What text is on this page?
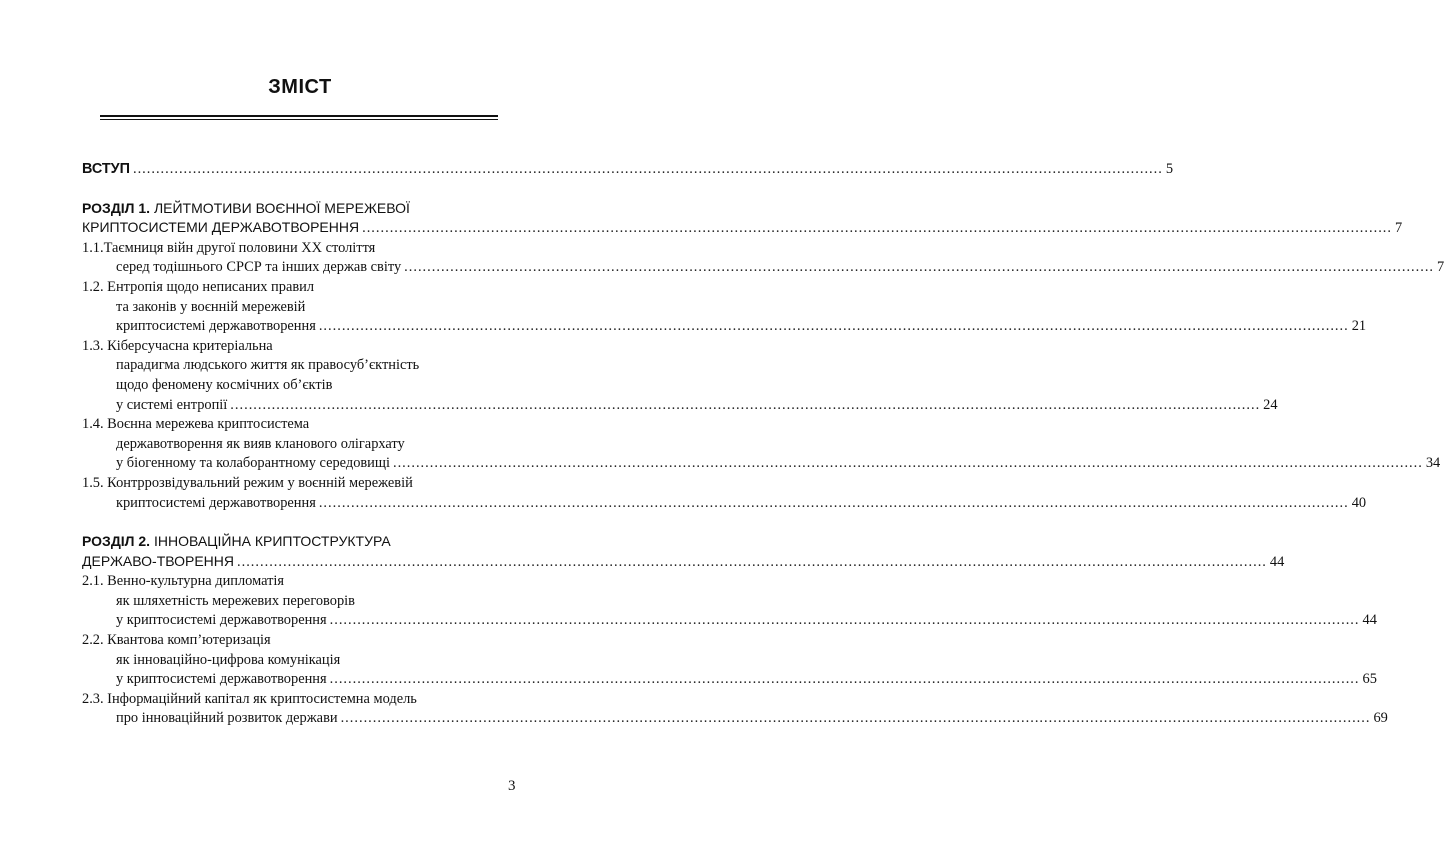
ЗМІСТ
ВСТУП ................................................................................................................................................................................................................................ 5
РОЗДІЛ 1. ЛЕЙТМОТИВИ ВОЄННОЇ МЕРЕЖЕВОЇ
КРИПТОСИСТЕМИ ДЕРЖАВОТВОРЕННЯ ................................................................................................................................................................................................................................ 7
1.1.Таємниця війн другої половини ХХ століття
серед тодішнього СРСР та інших держав світу ................................................................................................................................................................................................................................ 7
1.2. Ентропія щодо неписаних правил
та законів у воєнній мережевій
криптосистемі державотворення ................................................................................................................................................................................................................................ 21
1.3. Кіберсучасна критеріальна
парадигма людського життя як правосуб’єктність
щодо феномену космічних об’єктів
у системі ентропії ................................................................................................................................................................................................................................ 24
1.4. Воєнна мережева криптосистема
державотворення як вияв кланового олігархату
у біогенному та колаборантному середовищі ................................................................................................................................................................................................................................ 34
1.5. Контррозвідувальний режим у воєнній мережевій
криптосистемі державотворення ................................................................................................................................................................................................................................ 40
РОЗДІЛ 2. ІННОВАЦІЙНА КРИПТОСТРУКТУРА
ДЕРЖАВО-ТВОРЕННЯ ................................................................................................................................................................................................................................ 44
2.1. Венно-культурна дипломатія
як шляхетність мережевих переговорів
у криптосистемі державотворення ................................................................................................................................................................................................................................ 44
2.2. Квантова комп’ютеризація
як інноваційно-цифрова комунікація
у криптосистемі державотворення ................................................................................................................................................................................................................................ 65
2.3. Інформаційний капітал як криптосистемна модель
про інноваційний розвиток держави ................................................................................................................................................................................................................................ 69
3
